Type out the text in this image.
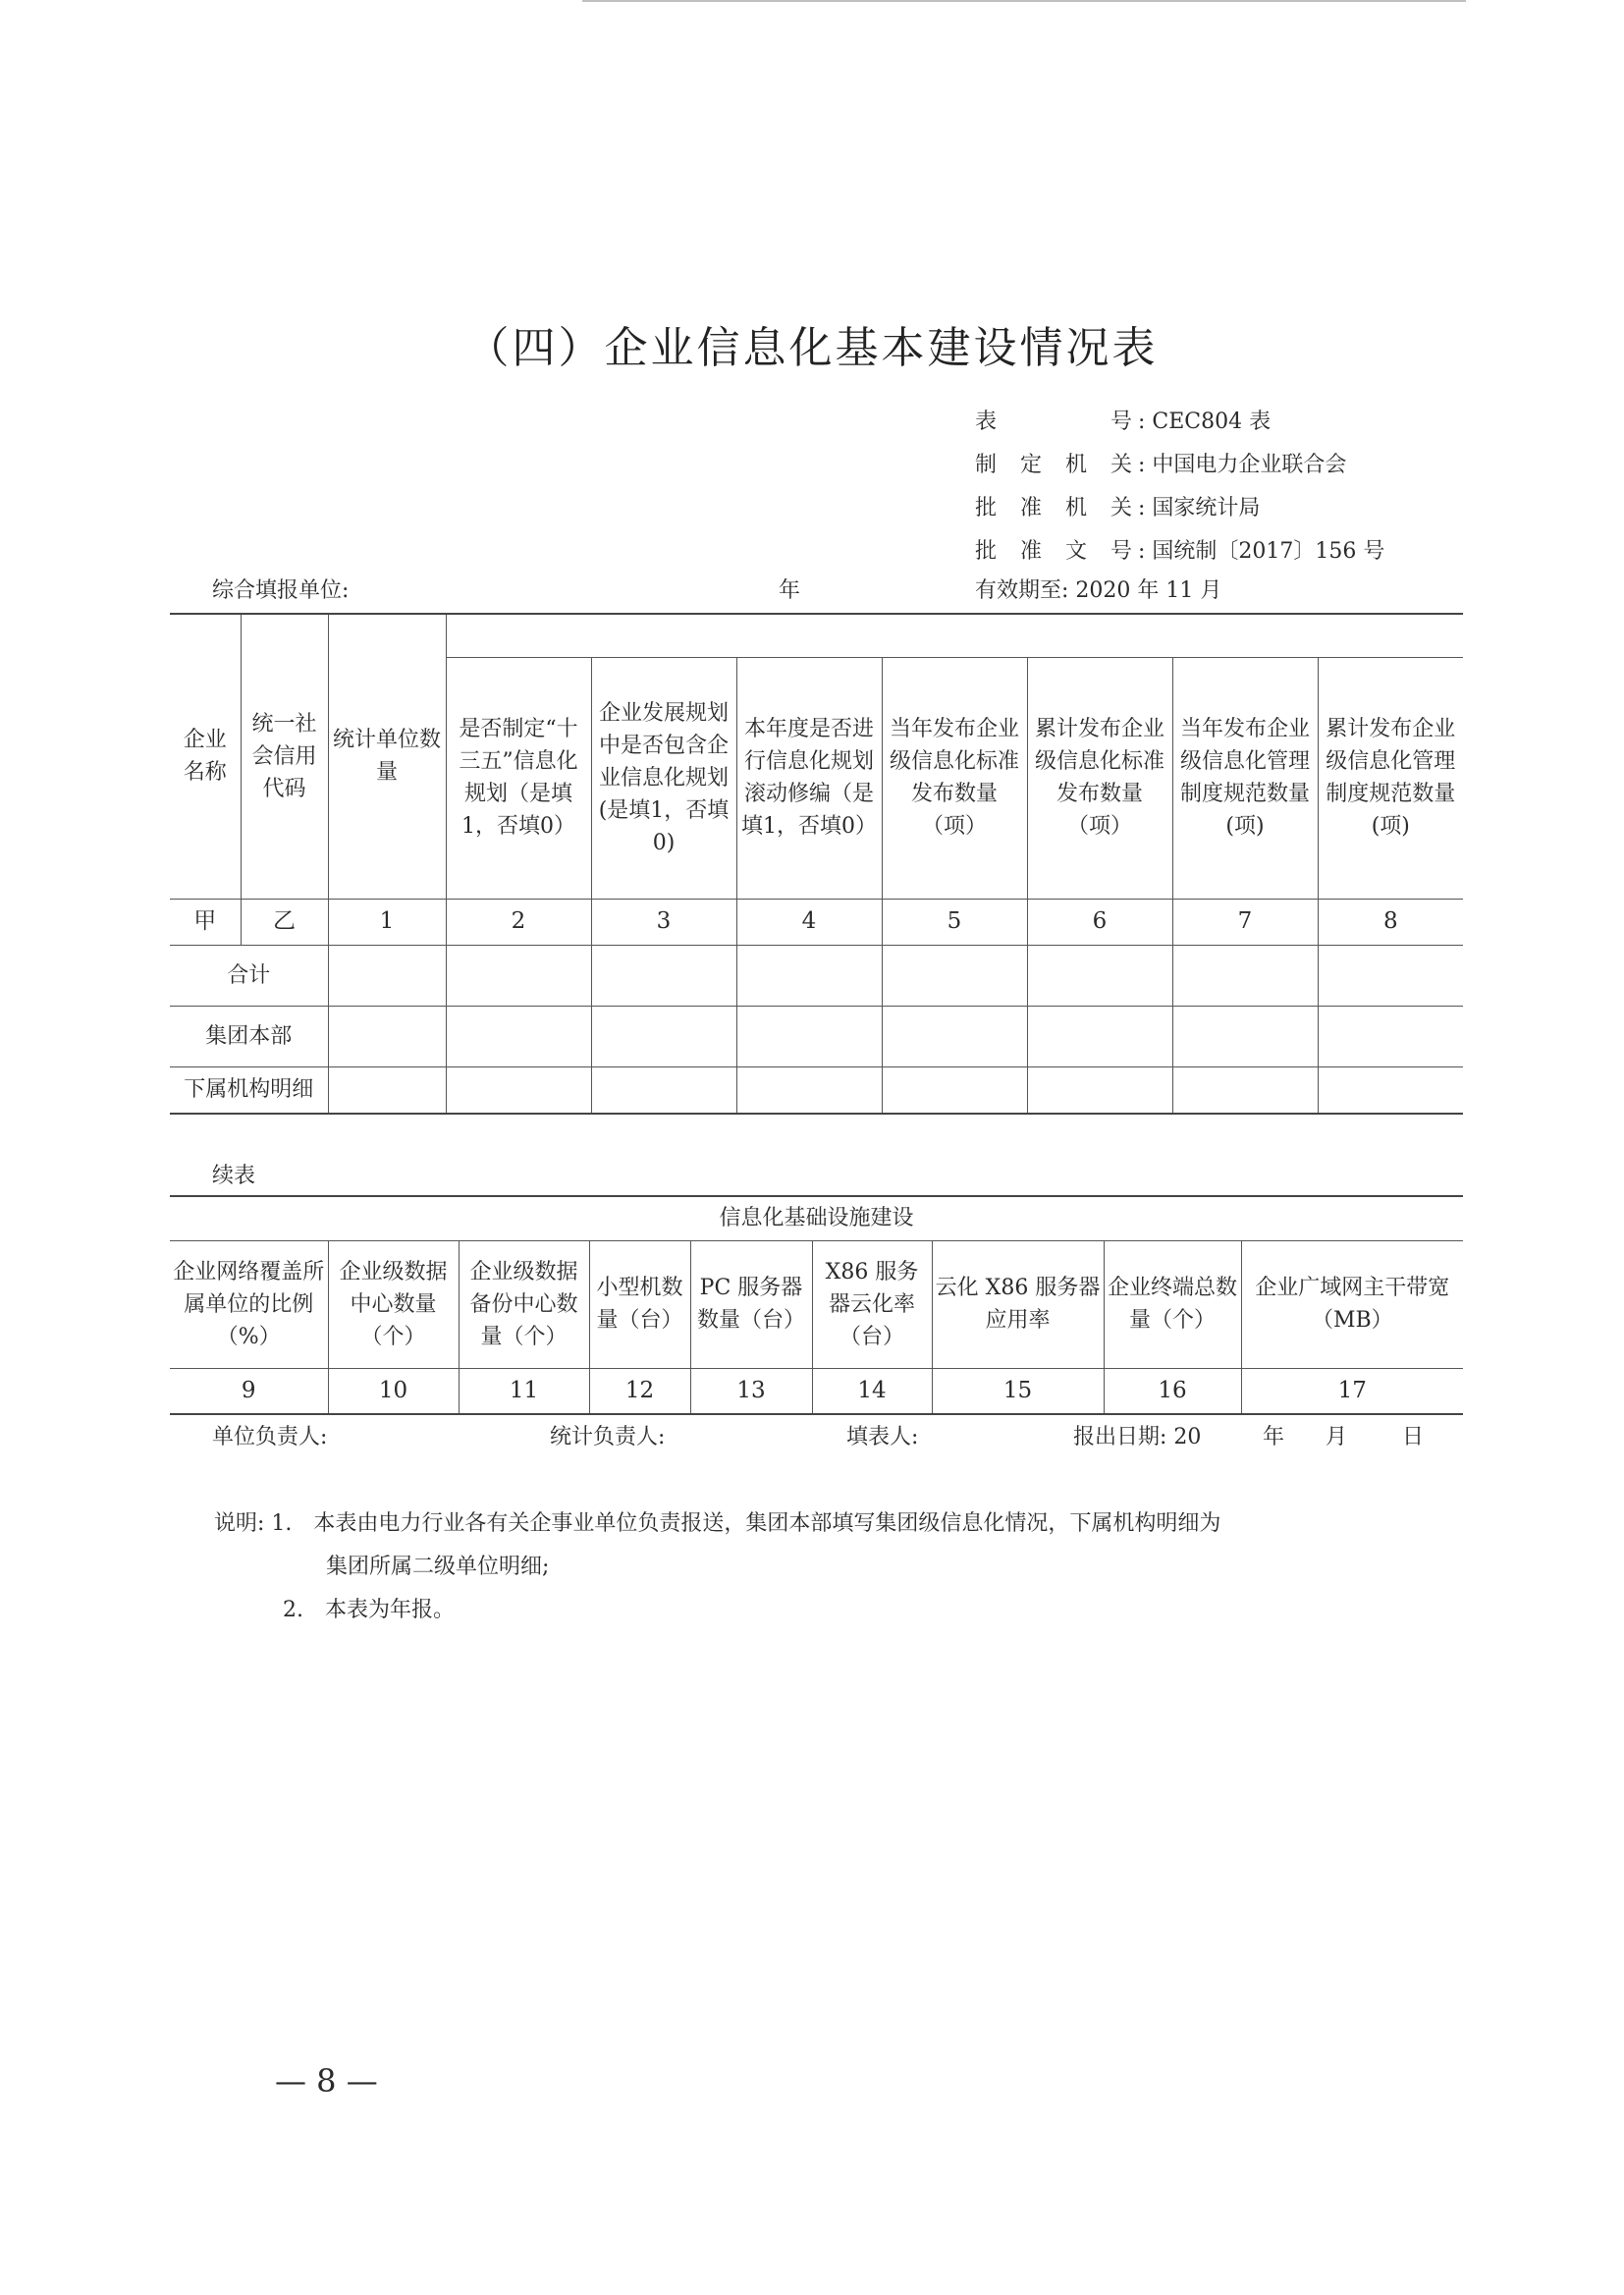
（四）企业信息化基本建设情况表
表　号 : CEC804 表
制定机关 : 中国电力企业联合会
批准机关 : 国家统计局
批准文号 : 国统制〔2017〕156 号
综合填报单位:	年	有效期至: 2020 年 11 月
企业名称	统一社会信用代码	统计单位数量							
			是否制定“十三五”信息化规划（是填1，否填0）	企业发展规划中是否包含企业信息化规划(是填1，否填0)	本年度是否进行信息化规划滚动修编（是填1，否填0）	当年发布企业级信息化标准发布数量（项）	累计发布企业级信息化标准发布数量（项）	当年发布企业级信息化管理制度规范数量(项)	累计发布企业级信息化管理制度规范数量(项)
甲	乙	1	2	3	4	5	6	7	8
合计									
集团本部									
下属机构明细									
续表
信息化基础设施建设								
企业网络覆盖所属单位的比例（%）	企业级数据中心数量（个）	企业级数据备份中心数量（个）	小型机数量（台）	PC 服务器数量（台）	X86 服务器云化率（台）	云化 X86 服务器应用率	企业终端总数量（个）	企业广域网主干带宽（MB）
9	10	11	12	13	14	15	16	17
单位负责人:	统计负责人:	填表人:	报出日期: 20	年 月	日
说明: 1.　本表由电力行业各有关企事业单位负责报送，集团本部填写集团级信息化情况，下属机构明细为
集团所属二级单位明细;
2.　本表为年报。
— 8 —
